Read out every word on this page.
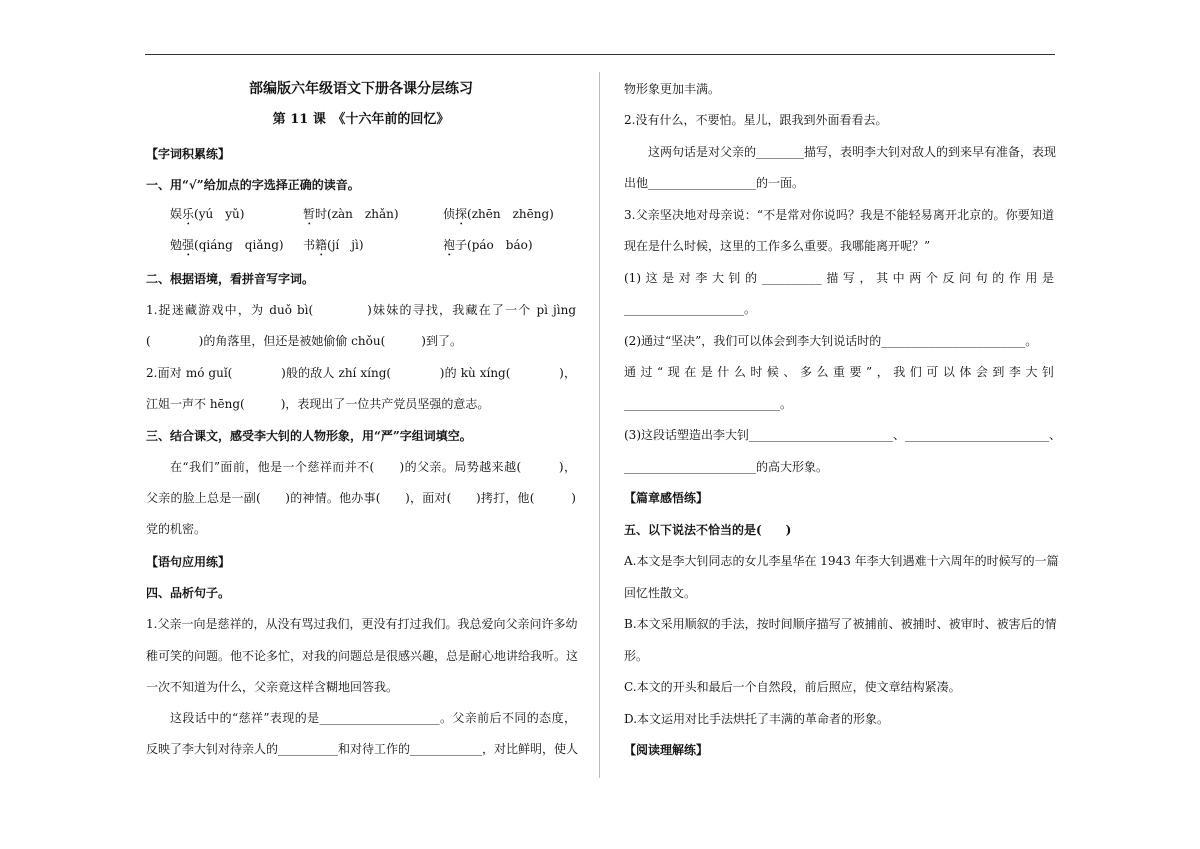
部编版六年级语文下册各课分层练习
第 11 课　《十六年前的回忆》
【字词积累练】
一、用“√”给加点的字选择正确的读音。
娱乐(yú　yǔ)	暂时(zàn　zhǎn)	侦探(zhēn　zhēng)
勉强(qiáng　qiǎng) 书籍(jí　jì)	袍子(páo　báo)
二、根据语境，看拼音写字词。
1.捉迷藏游戏中，为 duǒ bì(　　　　)妹妹的寻找，我藏在了一个 pì jìng
(　　　　)的角落里，但还是被她偷偷 chǒu(　　　)到了。
2.面对 mó guǐ(　　　　)般的敌人 zhí xíng(　　　　)的 kù xíng(　　　　)，
江姐一声不 hēng(　　　)，表现出了一位共产党员坚强的意志。
三、结合课文，感受李大钊的人物形象，用“严”字组词填空。
在“我们”面前，他是一个慈祥而并不(　　)的父亲。局势越来越(　　　)，
父亲的脸上总是一副(　　)的神情。他办事(　　)，面对(　　)拷打，他(　　　)
党的机密。
【语句应用练】
四、品析句子。
1.父亲一向是慈祥的，从没有骂过我们，更没有打过我们。我总爱向父亲问许多幼
稚可笑的问题。他不论多忙，对我的问题总是很感兴趣，总是耐心地讲给我听。这
一次不知道为什么，父亲竟这样含糊地回答我。
这段话中的“慈祥”表现的是____________________。父亲前后不同的态度，
反映了李大钊对待亲人的__________和对待工作的____________，对比鲜明，使人
物形象更加丰满。
2.没有什么，不要怕。星儿，跟我到外面看看去。
这两句话是对父亲的________描写，表明李大钊对敌人的到来早有准备，表现
出他__________________的一面。
3.父亲坚决地对母亲说：“不是常对你说吗？我是不能轻易离开北京的。你要知道
现在是什么时候，这里的工作多么重要。我哪能离开呢？”
(1)这是对李大钊的__________描写，其中两个反问句的作用是
____________________。
(2)通过“坚决”，我们可以体会到李大钊说话时的________________________。
通过“现在是什么时候、多么重要”，我们可以体会到李大钊
__________________________。
(3)这段话塑造出李大钊________________________、________________________、
______________________的高大形象。
【篇章感悟练】
五、以下说法不恰当的是(　　)
A.本文是李大钊同志的女儿李星华在 1943 年李大钊遇难十六周年的时候写的一篇
回忆性散文。
B.本文采用顺叙的手法，按时间顺序描写了被捕前、被捕时、被审时、被害后的情
形。
C.本文的开头和最后一个自然段，前后照应，使文章结构紧凑。
D.本文运用对比手法烘托了丰满的革命者的形象。
【阅读理解练】
